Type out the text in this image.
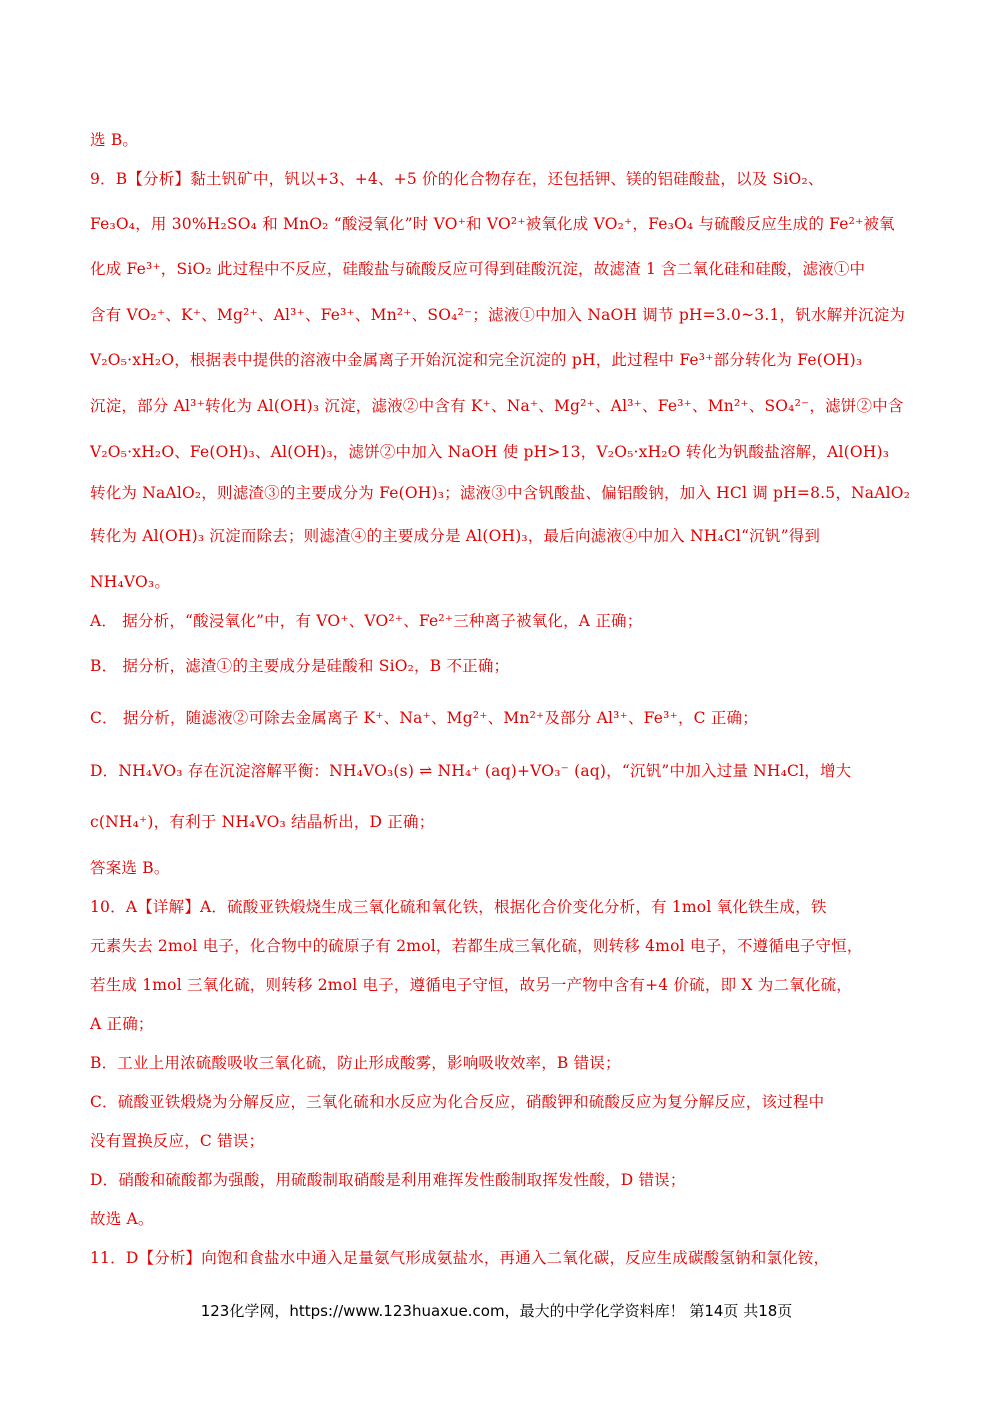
选 B。
9．B【分析】黏土钒矿中，钒以+3、+4、+5 价的化合物存在，还包括钾、镁的铝硅酸盐，以及 SiO₂、
Fe₃O₄，用 30%H₂SO₄ 和 MnO₂ “酸浸氧化”时 VO⁺和 VO²⁺被氧化成 VO₂⁺，Fe₃O₄ 与硫酸反应生成的 Fe²⁺被氧
化成 Fe³⁺，SiO₂ 此过程中不反应，硅酸盐与硫酸反应可得到硅酸沉淀，故滤渣 1 含二氧化硅和硅酸，滤液①中
含有 VO₂⁺、K⁺、Mg²⁺、Al³⁺、Fe³⁺、Mn²⁺、SO₄²⁻；滤液①中加入 NaOH 调节 pH=3.0~3.1，钒水解并沉淀为
V₂O₅·xH₂O，根据表中提供的溶液中金属离子开始沉淀和完全沉淀的 pH，此过程中 Fe³⁺部分转化为 Fe(OH)₃
沉淀，部分 Al³⁺转化为 Al(OH)₃ 沉淀，滤液②中含有 K⁺、Na⁺、Mg²⁺、Al³⁺、Fe³⁺、Mn²⁺、SO₄²⁻，滤饼②中含
V₂O₅·xH₂O、Fe(OH)₃、Al(OH)₃，滤饼②中加入 NaOH 使 pH>13，V₂O₅·xH₂O 转化为钒酸盐溶解，Al(OH)₃
转化为 NaAlO₂，则滤渣③的主要成分为 Fe(OH)₃；滤液③中含钒酸盐、偏铝酸钠，加入 HCl 调 pH=8.5，NaAlO₂
转化为 Al(OH)₃ 沉淀而除去；则滤渣④的主要成分是 Al(OH)₃，最后向滤液④中加入 NH₄Cl“沉钒”得到
NH₄VO₃。
A． 据分析，“酸浸氧化”中，有 VO⁺、VO²⁺、Fe²⁺三种离子被氧化，A 正确；
B． 据分析，滤渣①的主要成分是硅酸和 SiO₂，B 不正确；
C． 据分析，随滤液②可除去金属离子 K⁺、Na⁺、Mg²⁺、Mn²⁺及部分 Al³⁺、Fe³⁺，C 正确；
D．NH₄VO₃ 存在沉淀溶解平衡：NH₄VO₃(s) ⇌ NH₄⁺ (aq)+VO₃⁻ (aq)，“沉钒”中加入过量 NH₄Cl，增大
c(NH₄⁺)，有利于 NH₄VO₃ 结晶析出，D 正确；
答案选 B。
10．A【详解】A．硫酸亚铁煅烧生成三氧化硫和氧化铁，根据化合价变化分析，有 1mol 氧化铁生成，铁
元素失去 2mol 电子，化合物中的硫原子有 2mol，若都生成三氧化硫，则转移 4mol 电子，不遵循电子守恒，
若生成 1mol 三氧化硫，则转移 2mol 电子，遵循电子守恒，故另一产物中含有+4 价硫，即 X 为二氧化硫，
A 正确；
B．工业上用浓硫酸吸收三氧化硫，防止形成酸雾，影响吸收效率，B 错误；
C．硫酸亚铁煅烧为分解反应，三氧化硫和水反应为化合反应，硝酸钾和硫酸反应为复分解反应，该过程中
没有置换反应，C 错误；
D．硝酸和硫酸都为强酸，用硫酸制取硝酸是利用难挥发性酸制取挥发性酸，D 错误；
故选 A。
11．D【分析】向饱和食盐水中通入足量氨气形成氨盐水，再通入二氧化碳，反应生成碳酸氢钠和氯化铵，
123化学网，https://www.123huaxue.com，最大的中学化学资料库！ 第14页 共18页
